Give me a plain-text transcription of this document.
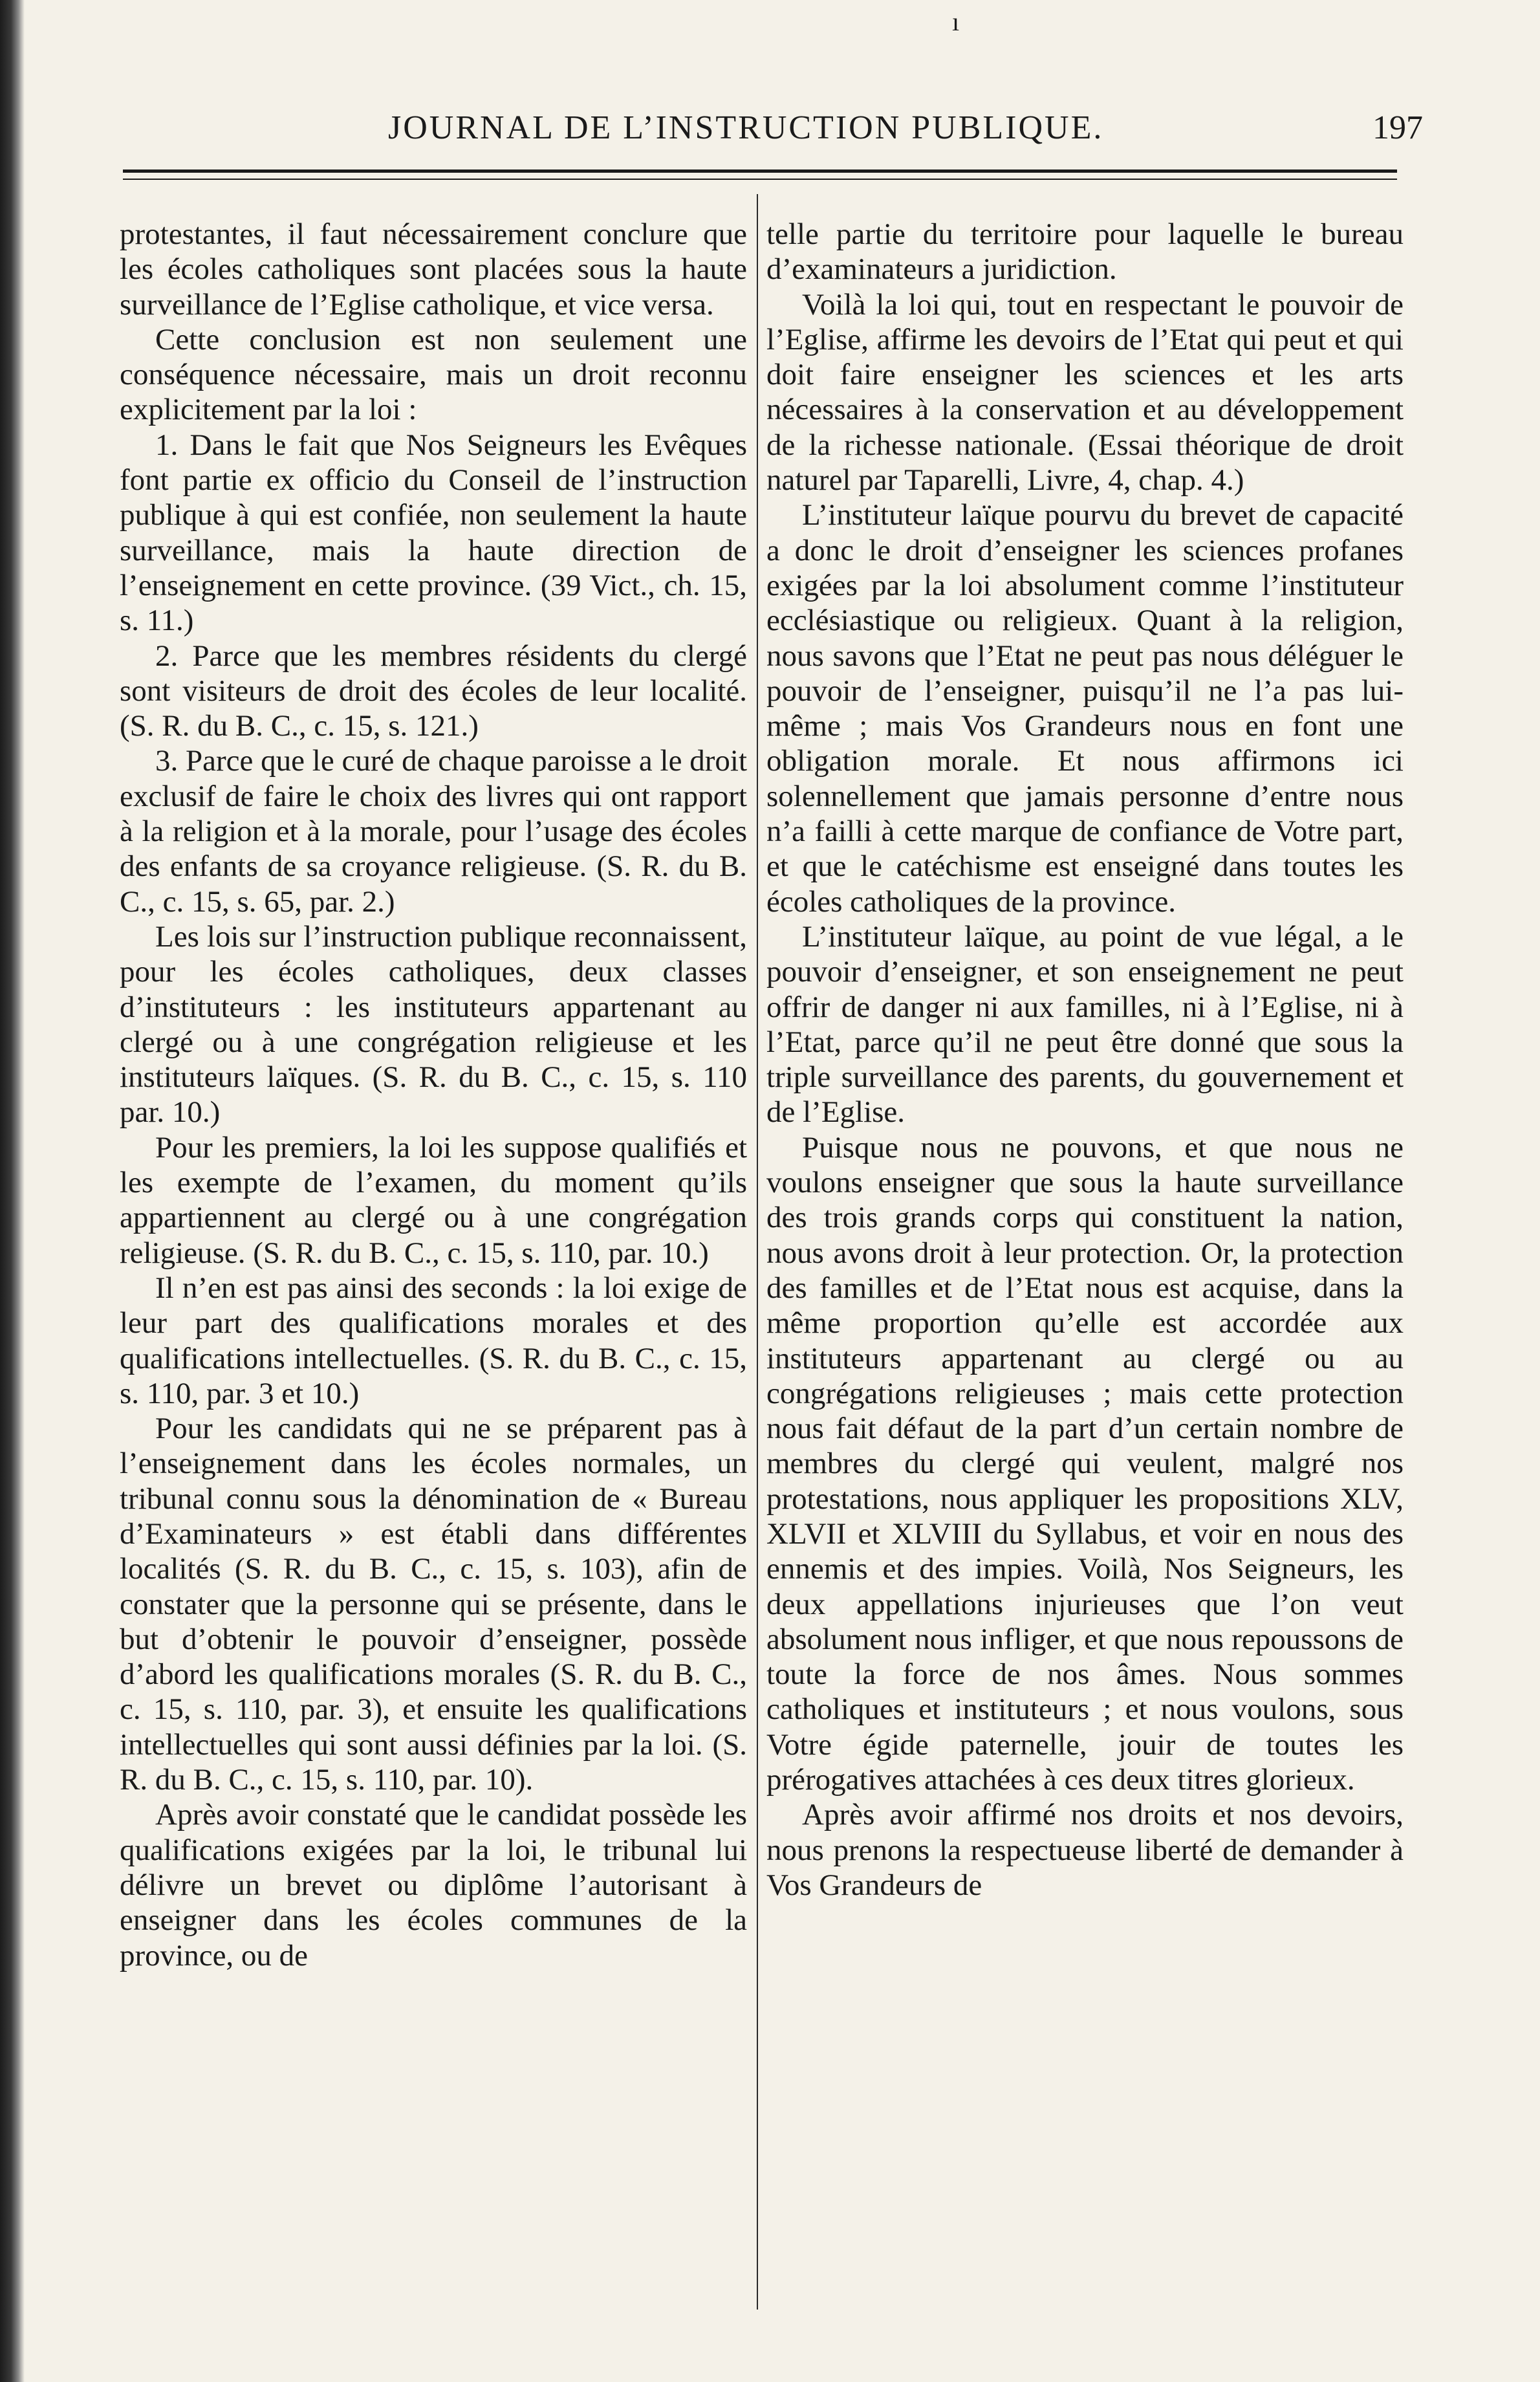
ı
JOURNAL DE L’INSTRUCTION PUBLIQUE.	197

protestantes, il faut nécessairement conclure que les écoles catholiques sont placées sous la haute surveillance de l’Eglise catholique, et vice versa.

Cette conclusion est non seulement une conséquence nécessaire, mais un droit reconnu explicitement par la loi :

1. Dans le fait que Nos Seigneurs les Evêques font partie ex officio du Conseil de l’instruction publique à qui est confiée, non seulement la haute surveillance, mais la haute direction de l’enseignement en cette province. (39 Vict., ch. 15, s. 11.)

2. Parce que les membres résidents du clergé sont visiteurs de droit des écoles de leur localité. (S. R. du B. C., c. 15, s. 121.)

3. Parce que le curé de chaque paroisse a le droit exclusif de faire le choix des livres qui ont rapport à la religion et à la morale, pour l’usage des écoles des enfants de sa croyance religieuse. (S. R. du B. C., c. 15, s. 65, par. 2.)

Les lois sur l’instruction publique reconnaissent, pour les écoles catholiques, deux classes d’instituteurs : les instituteurs appartenant au clergé ou à une congrégation religieuse et les instituteurs laïques. (S. R. du B. C., c. 15, s. 110 par. 10.)

Pour les premiers, la loi les suppose qualifiés et les exempte de l’examen, du moment qu’ils appartiennent au clergé ou à une congrégation religieuse. (S. R. du B. C., c. 15, s. 110, par. 10.)

Il n’en est pas ainsi des seconds : la loi exige de leur part des qualifications morales et des qualifications intellectuelles. (S. R. du B. C., c. 15, s. 110, par. 3 et 10.)

Pour les candidats qui ne se préparent pas à l’enseignement dans les écoles normales, un tribunal connu sous la dénomination de « Bureau d’Examinateurs » est établi dans différentes localités (S. R. du B. C., c. 15, s. 103), afin de constater que la personne qui se présente, dans le but d’obtenir le pouvoir d’enseigner, possède d’abord les qualifications morales (S. R. du B. C., c. 15, s. 110, par. 3), et ensuite les qualifications intellectuelles qui sont aussi définies par la loi. (S. R. du B. C., c. 15, s. 110, par. 10).

Après avoir constaté que le candidat possède les qualifications exigées par la loi, le tribunal lui délivre un brevet ou diplôme l’autorisant à enseigner dans les écoles communes de la province, ou de

telle partie du territoire pour laquelle le bureau d’examinateurs a juridiction.

Voilà la loi qui, tout en respectant le pouvoir de l’Eglise, affirme les devoirs de l’Etat qui peut et qui doit faire enseigner les sciences et les arts nécessaires à la conservation et au développement de la richesse nationale. (Essai théorique de droit naturel par Taparelli, Livre, 4, chap. 4.)

L’instituteur laïque pourvu du brevet de capacité a donc le droit d’enseigner les sciences profanes exigées par la loi absolument comme l’instituteur ecclésiastique ou religieux. Quant à la religion, nous savons que l’Etat ne peut pas nous déléguer le pouvoir de l’enseigner, puisqu’il ne l’a pas lui-même ; mais Vos Grandeurs nous en font une obligation morale. Et nous affirmons ici solennellement que jamais personne d’entre nous n’a failli à cette marque de confiance de Votre part, et que le catéchisme est enseigné dans toutes les écoles catholiques de la province.

L’instituteur laïque, au point de vue légal, a le pouvoir d’enseigner, et son enseignement ne peut offrir de danger ni aux familles, ni à l’Eglise, ni à l’Etat, parce qu’il ne peut être donné que sous la triple surveillance des parents, du gouvernement et de l’Eglise.

Puisque nous ne pouvons, et que nous ne voulons enseigner que sous la haute surveillance des trois grands corps qui constituent la nation, nous avons droit à leur protection. Or, la protection des familles et de l’Etat nous est acquise, dans la même proportion qu’elle est accordée aux instituteurs appartenant au clergé ou au congrégations religieuses ; mais cette protection nous fait défaut de la part d’un certain nombre de membres du clergé qui veulent, malgré nos protestations, nous appliquer les propositions XLV, XLVII et XLVIII du Syllabus, et voir en nous des ennemis et des impies. Voilà, Nos Seigneurs, les deux appellations injurieuses que l’on veut absolument nous infliger, et que nous repoussons de toute la force de nos âmes. Nous sommes catholiques et instituteurs ; et nous voulons, sous Votre égide paternelle, jouir de toutes les prérogatives attachées à ces deux titres glorieux.

Après avoir affirmé nos droits et nos devoirs, nous prenons la respectueuse liberté de demander à Vos Grandeurs de
